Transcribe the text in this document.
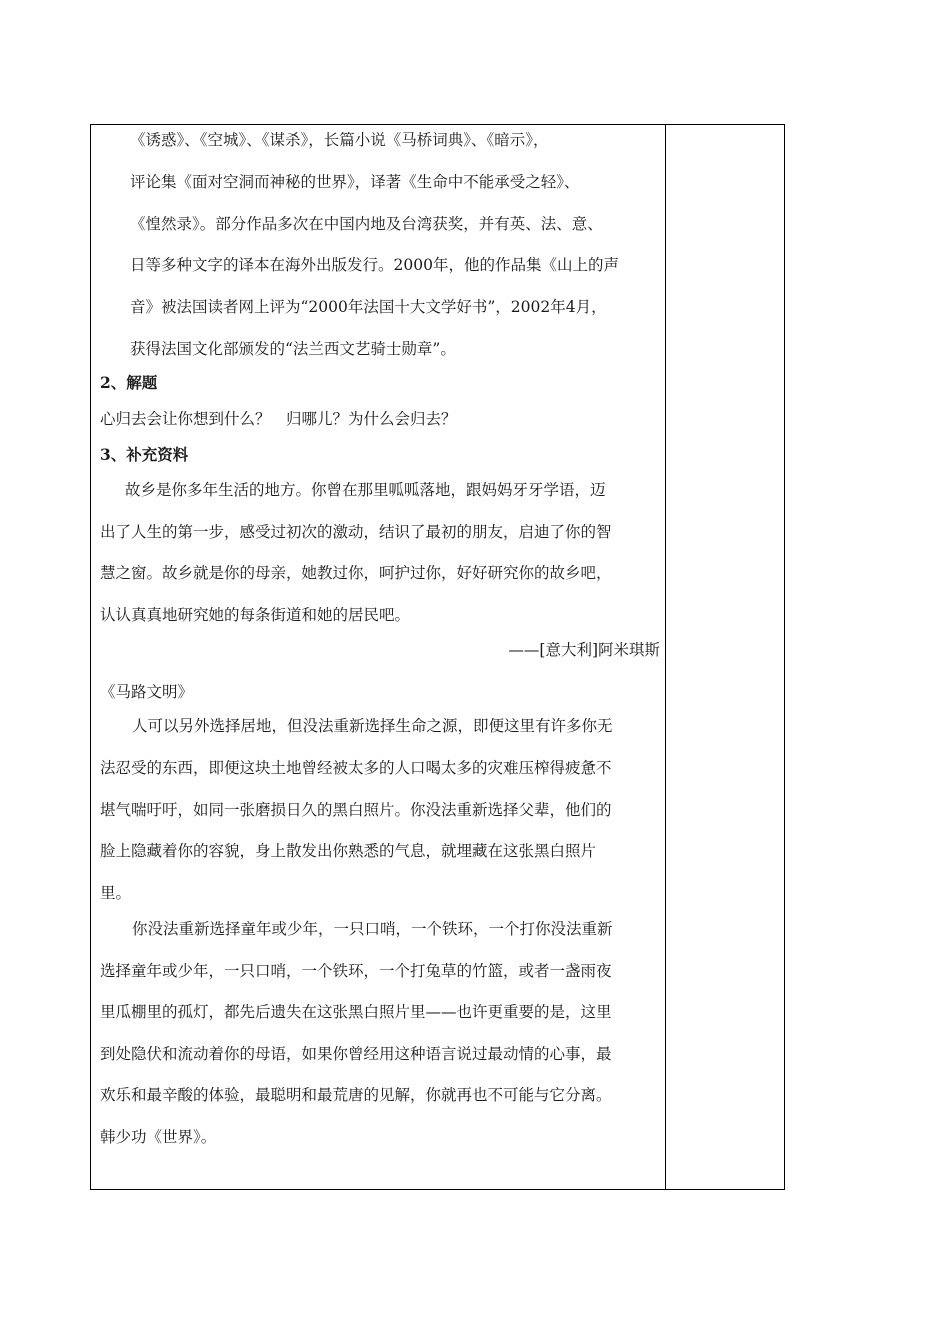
《诱惑》、《空城》、《谋杀》，长篇小说《马桥词典》、《暗示》，
评论集《面对空洞而神秘的世界》，译著《生命中不能承受之轻》、
《惶然录》。部分作品多次在中国内地及台湾获奖，并有英、法、意、
日等多种文字的译本在海外出版发行。2000年，他的作品集《山上的声
音》被法国读者网上评为“2000年法国十大文学好书”，2002年4月，
获得法国文化部颁发的“法兰西文艺骑士勋章”。
2、解题
心归去会让你想到什么？　归哪儿？为什么会归去？
3、补充资料
故乡是你多年生活的地方。你曾在那里呱呱落地，跟妈妈牙牙学语，迈
出了人生的第一步，感受过初次的激动，结识了最初的朋友，启迪了你的智
慧之窗。故乡就是你的母亲，她教过你，呵护过你，好好研究你的故乡吧，
认认真真地研究她的每条街道和她的居民吧。
——[意大利]阿米琪斯
《马路文明》
人可以另外选择居地，但没法重新选择生命之源，即便这里有许多你无
法忍受的东西，即便这块土地曾经被太多的人口喝太多的灾难压榨得疲惫不
堪气喘吁吁，如同一张磨损日久的黑白照片。你没法重新选择父辈，他们的
脸上隐藏着你的容貌，身上散发出你熟悉的气息，就埋藏在这张黑白照片
里。
你没法重新选择童年或少年，一只口哨，一个铁环，一个打你没法重新
选择童年或少年，一只口哨，一个铁环，一个打兔草的竹篮，或者一盏雨夜
里瓜棚里的孤灯，都先后遗失在这张黑白照片里——也许更重要的是，这里
到处隐伏和流动着你的母语，如果你曾经用这种语言说过最动情的心事，最
欢乐和最辛酸的体验，最聪明和最荒唐的见解，你就再也不可能与它分离。
韩少功《世界》。
